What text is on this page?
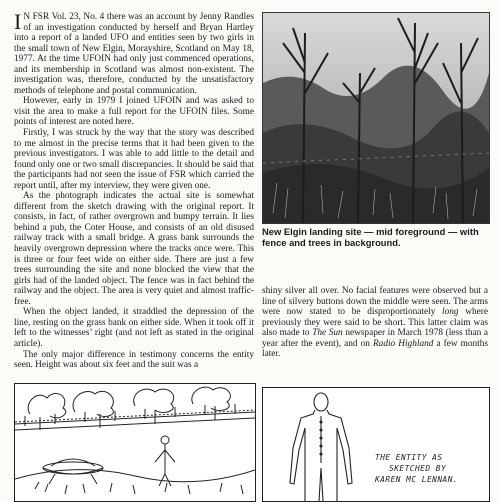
I N FSR Vol. 23, No. 4 there was an account by Jenny Randles of an investigation conducted by herself and Bryan Hartley into a report of a landed UFO and entities seen by two girls in the small town of New Elgin, Morayshire, Scotland on May 18, 1977. At the time UFOIN had only just commenced operations, and its membership in Scotland was almost non-existent. The investigation was, therefore, conducted by the unsatisfactory methods of telephone and postal communication.

However, early in 1979 I joined UFOIN and was asked to visit the area to make a full report for the UFOIN files. Some points of interest are noted here.

Firstly, I was struck by the way that the story was described to me almost in the precise terms that it had been given to the previous investigators. I was able to add little to the detail and found only one or two small discrepancies. It should be said that the participants had not seen the issue of FSR which carried the report until, after my interview, they were given one.

As the photograph indicates the actual site is somewhat different from the sketch drawing with the original report. It consists, in fact, of rather overgrown and bumpy terrain. It lies behind a pub, the Coter House, and consists of an old disused railway track with a small bridge. A grass bank surrounds the heavily overgrown depression where the tracks once were. This is three or four feet wide on either side. There are just a few trees surrounding the site and none blocked the view that the girls had of the landed object. The fence was in fact behind the railway and the object. The area is very quiet and almost traffic-free.

When the object landed, it straddled the depression of the line, resting on the grass bank on either side. When it took off it left to the witnesses’ right (and not left as stated in the original article).

The only major difference in testimony concerns the entity seen. Height was about six feet and the suit was a

New Elgin landing site — mid foreground — with fence and trees in background.

shiny silver all over. No facial features were observed but a line of silvery buttons down the middle were seen. The arms were now stated to be disproportionately long where previously they were said to be short. This latter claim was also made to The Sun newspaper in March 1978 (less than a year after the event), and on Radio Highland a few months later.

THE ENTITY AS
SKETCHED BY
KAREN MC LENNAN.
